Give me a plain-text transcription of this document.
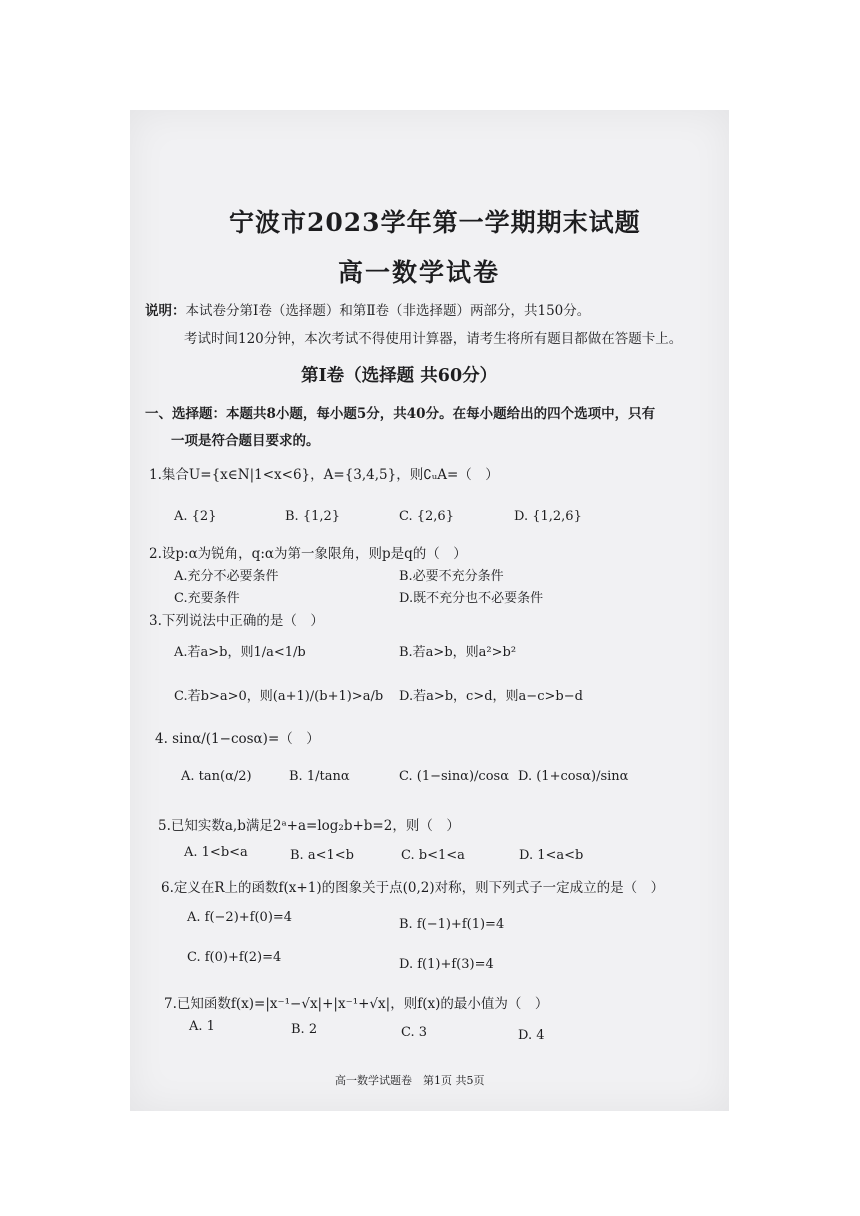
宁波市2023学年第一学期期末试题
高一数学试卷
说明：本试卷分第Ⅰ卷（选择题）和第Ⅱ卷（非选择题）两部分，共150分。
考试时间120分钟，本次考试不得使用计算器，请考生将所有题目都做在答题卡上。
第Ⅰ卷（选择题 共60分）
一、选择题：本题共8小题，每小题5分，共40分。在每小题给出的四个选项中，只有
一项是符合题目要求的。
1.集合U={x∈N|1<x<6}，A={3,4,5}，则∁ᵤA=（　）
A. {2}	B. {1,2}	C. {2,6}	D. {1,2,6}
2.设p:α为锐角，q:α为第一象限角，则p是q的（　）
A.充分不必要条件	B.必要不充分条件
C.充要条件	D.既不充分也不必要条件
3.下列说法中正确的是（　）
A.若a>b，则1/a<1/b	B.若a>b，则a²>b²
C.若b>a>0，则(a+1)/(b+1)>a/b D.若a>b，c>d，则a−c>b−d
4. sinα/(1−cosα)=（　）
A. tan(α/2)	B. 1/tanα	C. (1−sinα)/cosα D. (1+cosα)/sinα
5.已知实数a,b满足2ᵃ+a=log₂b+b=2，则（　）
A. 1<b<a	B. a<1<b	C. b<1<a	D. 1<a<b
6.定义在R上的函数f(x+1)的图象关于点(0,2)对称，则下列式子一定成立的是（　）
A. f(−2)+f(0)=4	B. f(−1)+f(1)=4
C. f(0)+f(2)=4	D. f(1)+f(3)=4
7.已知函数f(x)=|x⁻¹−√x|+|x⁻¹+√x|，则f(x)的最小值为（　）
A. 1	B. 2	C. 3	D. 4
高一数学试题卷　第1页 共5页
